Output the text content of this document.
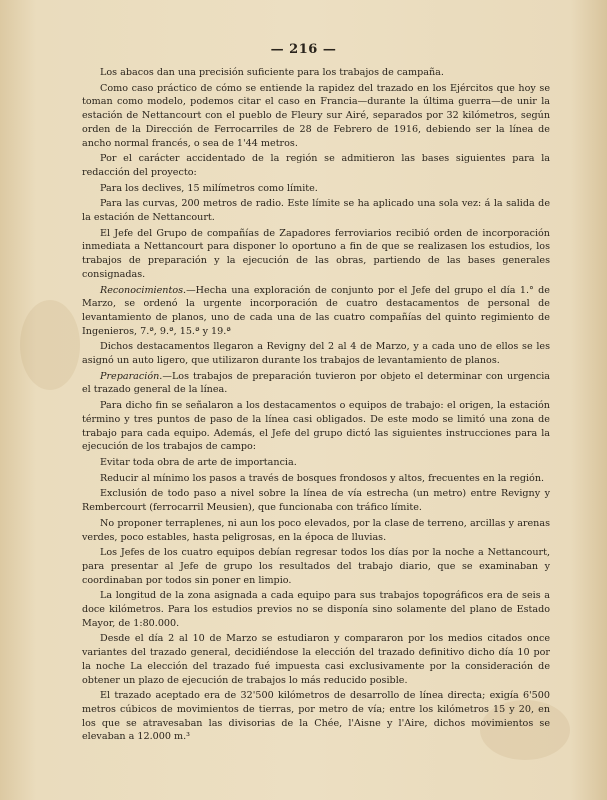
— 216 —

Los abacos dan una precisión suficiente para los trabajos de campaña.

Como caso práctico de cómo se entiende la rapidez del trazado en los Ejércitos que hoy se toman como modelo, podemos citar el caso en Francia—durante la última guerra—de unir la estación de Nettancourt con el pueblo de Fleury sur Airé, separados por 32 kilómetros, según orden de la Dirección de Ferrocarriles de 28 de Febrero de 1916, debiendo ser la línea de ancho normal francés, o sea de 1'44 metros.

Por el carácter accidentado de la región se admitieron las bases siguientes para la redacción del proyecto:

Para los declives, 15 milímetros como límite.

Para las curvas, 200 metros de radio. Este límite se ha aplicado una sola vez: á la salida de la estación de Nettancourt.

El Jefe del Grupo de compañías de Zapadores ferroviarios recibió orden de incorporación inmediata a Nettancourt para disponer lo oportuno a fin de que se realizasen los estudios, los trabajos de preparación y la ejecución de las obras, partiendo de las bases generales consignadas.

Reconocimientos.—Hecha una exploración de conjunto por el Jefe del grupo el día 1.° de Marzo, se ordenó la urgente incorporación de cuatro destacamentos de personal de levantamiento de planos, uno de cada una de las cuatro compañías del quinto regimiento de Ingenieros, 7.ª, 9.ª, 15.ª y 19.ª

Dichos destacamentos llegaron a Revigny del 2 al 4 de Marzo, y a cada uno de ellos se les asignó un auto ligero, que utilizaron durante los trabajos de levantamiento de planos.

Preparación.—Los trabajos de preparación tuvieron por objeto el determinar con urgencia el trazado general de la línea.

Para dicho fin se señalaron a los destacamentos o equipos de trabajo: el origen, la estación término y tres puntos de paso de la línea casi obligados. De este modo se limitó una zona de trabajo para cada equipo. Además, el Jefe del grupo dictó las siguientes instrucciones para la ejecución de los trabajos de campo:

Evitar toda obra de arte de importancia.

Reducir al mínimo los pasos a través de bosques frondosos y altos, frecuentes en la región.

Exclusión de todo paso a nivel sobre la línea de vía estrecha (un metro) entre Revigny y Rembercourt (ferrocarril Meusien), que funcionaba con tráfico límite.

No proponer terraplenes, ni aun los poco elevados, por la clase de terreno, arcillas y arenas verdes, poco estables, hasta peligrosas, en la época de lluvias.

Los Jefes de los cuatro equipos debían regresar todos los días por la noche a Nettancourt, para presentar al Jefe de grupo los resultados del trabajo diario, que se examinaban y coordinaban por todos sin poner en limpio.

La longitud de la zona asignada a cada equipo para sus trabajos topográficos era de seis a doce kilómetros. Para los estudios previos no se disponía sino solamente del plano de Estado Mayor, de 1:80.000.

Desde el día 2 al 10 de Marzo se estudiaron y compararon por los medios citados once variantes del trazado general, decidiéndose la elección del trazado definitivo dicho día 10 por la noche La elección del trazado fué impuesta casi exclusivamente por la consideración de obtener un plazo de ejecución de trabajos lo más reducido posible.

El trazado aceptado era de 32'500 kilómetros de desarrollo de línea directa; exigía 6'500 metros cúbicos de movimientos de tierras, por metro de vía; entre los kilómetros 15 y 20, en los que se atravesaban las divisorias de la Chée, l'Aisne y l'Aire, dichos movimientos se elevaban a 12.000 m.³
